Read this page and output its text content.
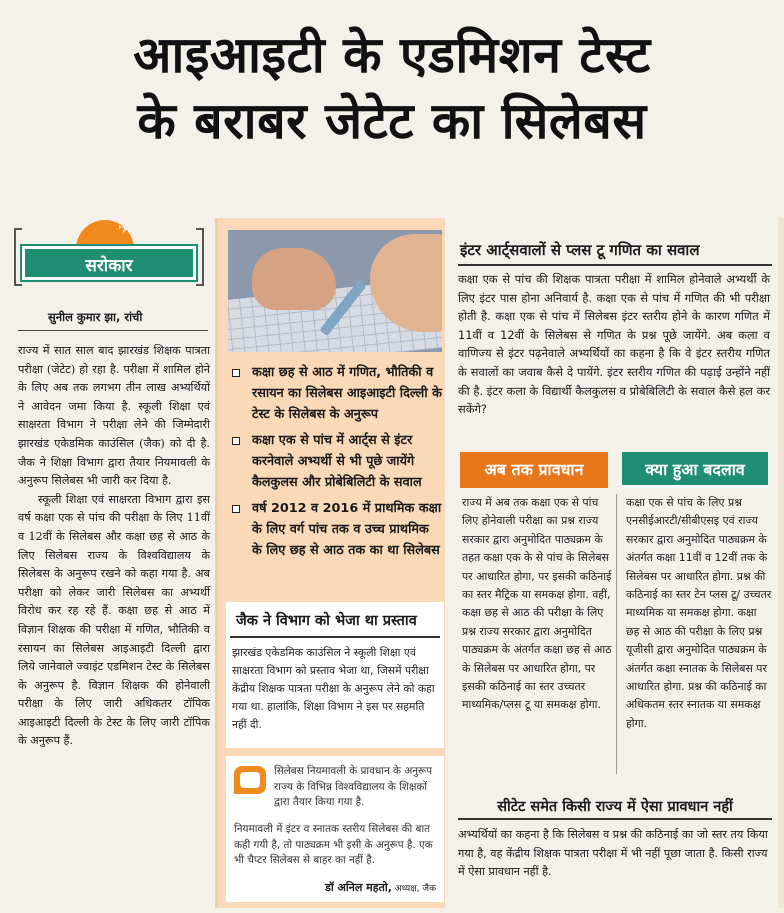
आइआइटी के एडमिशन टेस्ट
के बराबर जेटेट का सिलेबस
✈
सरोकार
सुनील कुमार झा, रांची

राज्य में सात साल बाद झारखंड शिक्षक पात्रता परीक्षा (जेटेट) हो रहा है. परीक्षा में शामिल होने के लिए अब तक लगभग तीन लाख अभ्यर्थियों ने आवेदन जमा किया है. स्कूली शिक्षा एवं साक्षरता विभाग ने परीक्षा लेने की जिम्मेदारी झारखंड एकेडमिक काउंसिल (जैक) को दी है. जैक ने शिक्षा विभाग द्वारा तैयार नियमावली के अनुरूप सिलेबस भी जारी कर दिया है.

स्कूली शिक्षा एवं साक्षरता विभाग द्वारा इस वर्ष कक्षा एक से पांच की परीक्षा के लिए 11वीं व 12वीं के सिलेबस और कक्षा छह से आठ के लिए सिलेबस राज्य के विश्वविद्यालय के सिलेबस के अनुरूप रखने को कहा गया है. अब परीक्षा को लेकर जारी सिलेबस का अभ्यर्थी विरोध कर रह रहे हैं. कक्षा छह से आठ में विज्ञान शिक्षक की परीक्षा में गणित, भौतिकी व रसायन का सिलेबस आइआइटी दिल्ली द्वारा लिये जानेवाले ज्वाइंट एडमिशन टेस्ट के सिलेबस के अनुरूप है. विज्ञान शिक्षक की होनेवाली परीक्षा के लिए जारी अधिकतर टॉपिक आइआइटी दिल्ली के टेस्ट के लिए जारी टॉपिक के अनुरूप हैं.

कक्षा छह से आठ में गणित, भौतिकी व रसायन का सिलेबस आइआइटी दिल्ली के टेस्ट के सिलेबस के अनुरूप
कक्षा एक से पांच में आर्ट्स से इंटर करनेवाले अभ्यर्थी से भी पूछे जायेंगे कैलकुलस और प्रोबेबिलिटी के सवाल
वर्ष 2012 व 2016 में प्राथमिक कक्षा के लिए वर्ग पांच तक व उच्च प्राथमिक के लिए छह से आठ तक का था सिलेबस
जैक ने विभाग को भेजा था प्रस्ताव

झारखंड एकेडमिक काउंसिल ने स्कूली शिक्षा एवं साक्षरता विभाग को प्रस्ताव भेजा था, जिसमें परीक्षा केंद्रीय शिक्षक पात्रता परीक्षा के अनुरूप लेने को कहा गया था. हालांकि, शिक्षा विभाग ने इस पर सहमति नहीं दी.

सिलेबस नियमावली के प्रावधान के अनुरूप राज्य के विभिन्न विश्वविद्यालय के शिक्षकों द्वारा तैयार किया गया है.
नियमावली में इंटर व स्नातक स्तरीय सिलेबस की बात कही गयी है, तो पाठ्यक्रम भी इसी के अनुरूप है. एक भी चैप्टर सिलेबस से बाहर का नहीं है.
डॉ अनिल महतो, अध्यक्ष, जैक
इंटर आर्ट्सवालों से प्लस टू गणित का सवाल
कक्षा एक से पांच की शिक्षक पात्रता परीक्षा में शामिल होनेवाले अभ्यर्थी के लिए इंटर पास होना अनिवार्य है. कक्षा एक से पांच में गणित की भी परीक्षा होती है. कक्षा एक से पांच में सिलेबस इंटर स्तरीय होने के कारण गणित में 11वीं व 12वीं के सिलेबस से गणित के प्रश्न पूछे जायेंगे. अब कला व वाणिज्य से इंटर पढ़नेवाले अभ्यर्थियों का कहना है कि वे इंटर स्तरीय गणित के सवालों का जवाब कैसे दे पायेंगे. इंटर स्तरीय गणित की पढ़ाई उन्होंने नहीं की है. इंटर कला के विद्यार्थी कैलकुलस व प्रोबेबिलिटी के सवाल कैसे हल कर सकेंगे?
अब तक प्रावधान	क्या हुआ बदलाव
राज्य में अब तक कक्षा एक से पांच लिए होनेवाली परीक्षा का प्रश्न राज्य सरकार द्वारा अनुमोदित पाठ्यक्रम के तहत कक्षा एक के से पांच के सिलेबस पर आधारित होगा, पर इसकी कठिनाई का स्तर मैट्रिक या समकक्ष होगा. वहीं, कक्षा छह से आठ की परीक्षा के लिए प्रश्न राज्य सरकार द्वारा अनुमोदित पाठ्यक्रम के अंतर्गत कक्षा छह से आठ के सिलेबस पर आधारित होगा, पर इसकी कठिनाई का स्तर उच्चतर माध्यमिक/प्लस टू या समकक्ष होगा.
कक्षा एक से पांच के लिए प्रश्न एनसीईआरटी/सीबीएसइ एवं राज्य सरकार द्वारा अनुमोदित पाठ्यक्रम के अंतर्गत कक्षा 11वीं व 12वीं तक के सिलेबस पर आधारित होगा. प्रश्न की कठिनाई का स्तर टेन प्लस टू/ उच्चतर माध्यमिक या समकक्ष होगा. कक्षा छह से आठ की परीक्षा के लिए प्रश्न यूजीसी द्वारा अनुमोदित पाठ्यक्रम के अंतर्गत कक्षा स्नातक के सिलेबस पर आधारित होगा. प्रश्न की कठिनाई का अधिकतम स्तर स्नातक या समकक्ष होगा.
सीटेट समेत किसी राज्य में ऐसा प्रावधान नहीं
अभ्यर्थियों का कहना है कि सिलेबस व प्रश्न की कठिनाई का जो स्तर तय किया गया है, वह केंद्रीय शिक्षक पात्रता परीक्षा में भी नहीं पूछा जाता है. किसी राज्य में ऐसा प्रावधान नहीं है.
